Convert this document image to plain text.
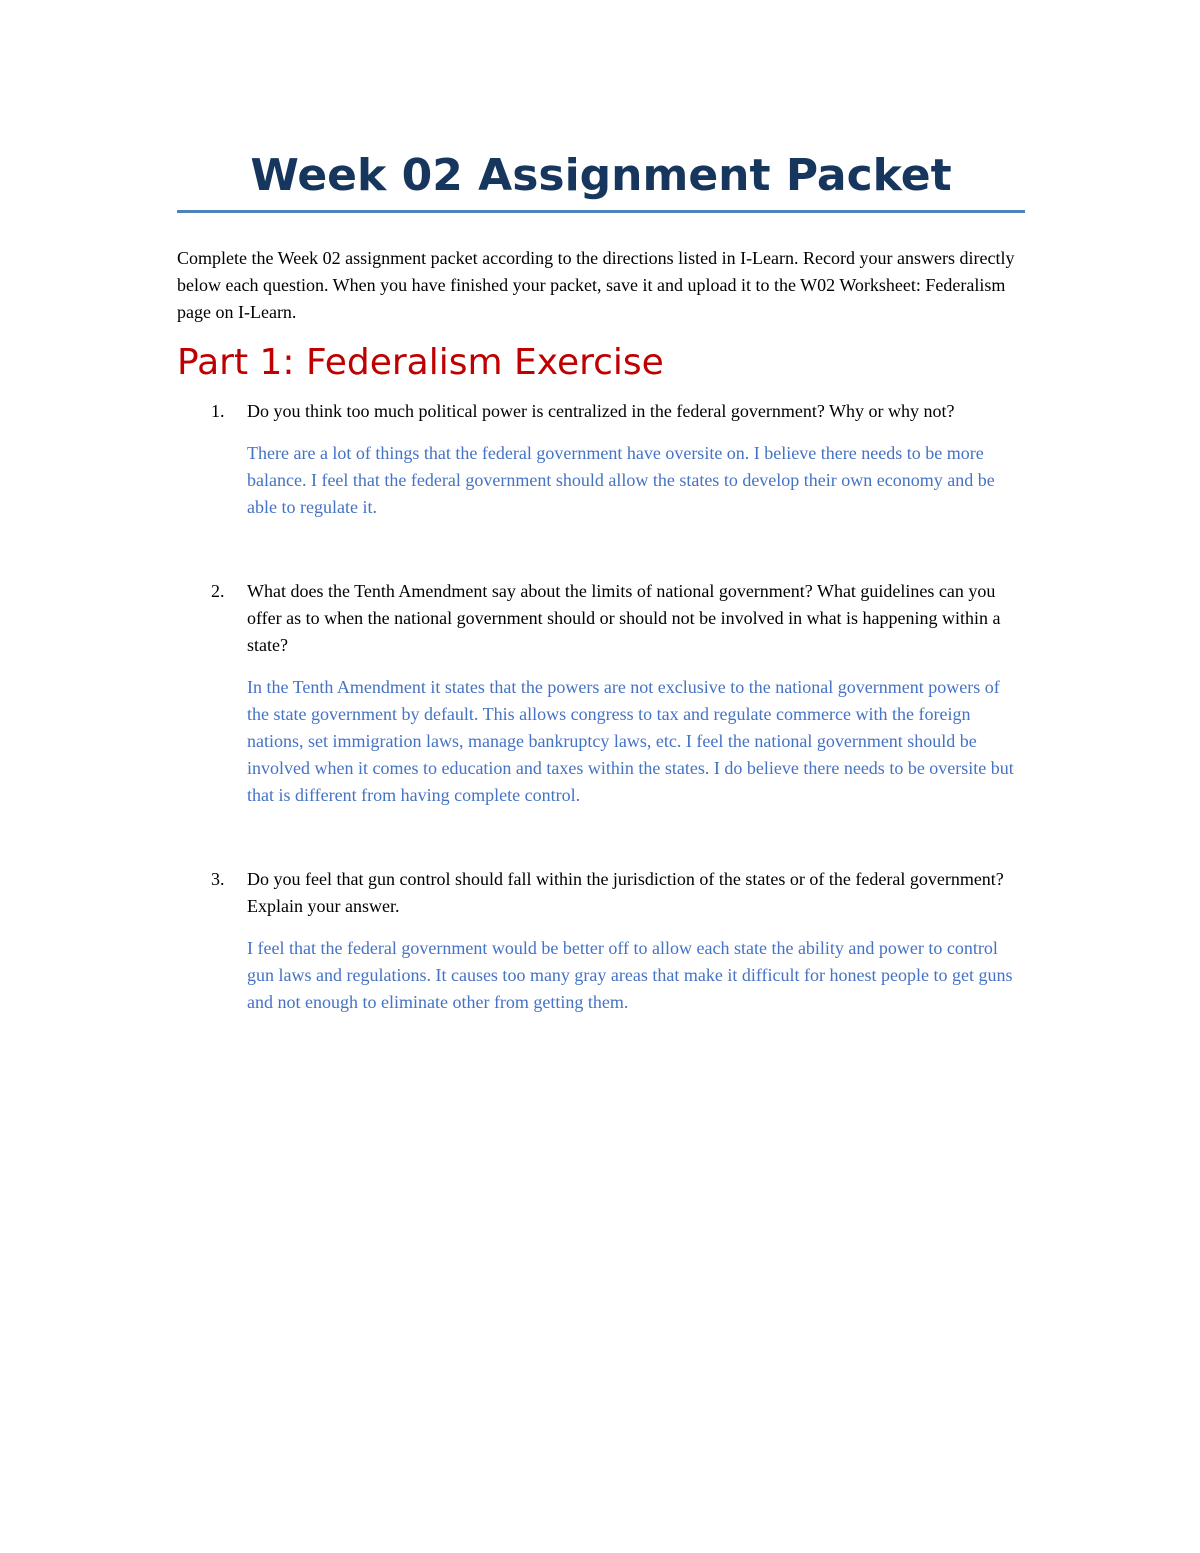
Week 02 Assignment Packet

Complete the Week 02 assignment packet according to the directions listed in I-Learn. Record your answers directly below each question. When you have finished your packet, save it and upload it to the W02 Worksheet: Federalism page on I-Learn.

Part 1: Federalism Exercise
1. Do you think too much political power is centralized in the federal government? Why or why not?

There are a lot of things that the federal government have oversite on. I believe there needs to be more balance. I feel that the federal government should allow the states to develop their own economy and be able to regulate it.

2. What does the Tenth Amendment say about the limits of national government? What guidelines can you offer as to when the national government should or should not be involved in what is happening within a state?

In the Tenth Amendment it states that the powers are not exclusive to the national government powers of the state government by default. This allows congress to tax and regulate commerce with the foreign nations, set immigration laws, manage bankruptcy laws, etc. I feel the national government should be involved when it comes to education and taxes within the states. I do believe there needs to be oversite but that is different from having complete control.

3. Do you feel that gun control should fall within the jurisdiction of the states or of the federal government? Explain your answer.

I feel that the federal government would be better off to allow each state the ability and power to control gun laws and regulations. It causes too many gray areas that make it difficult for honest people to get guns and not enough to eliminate other from getting them.
